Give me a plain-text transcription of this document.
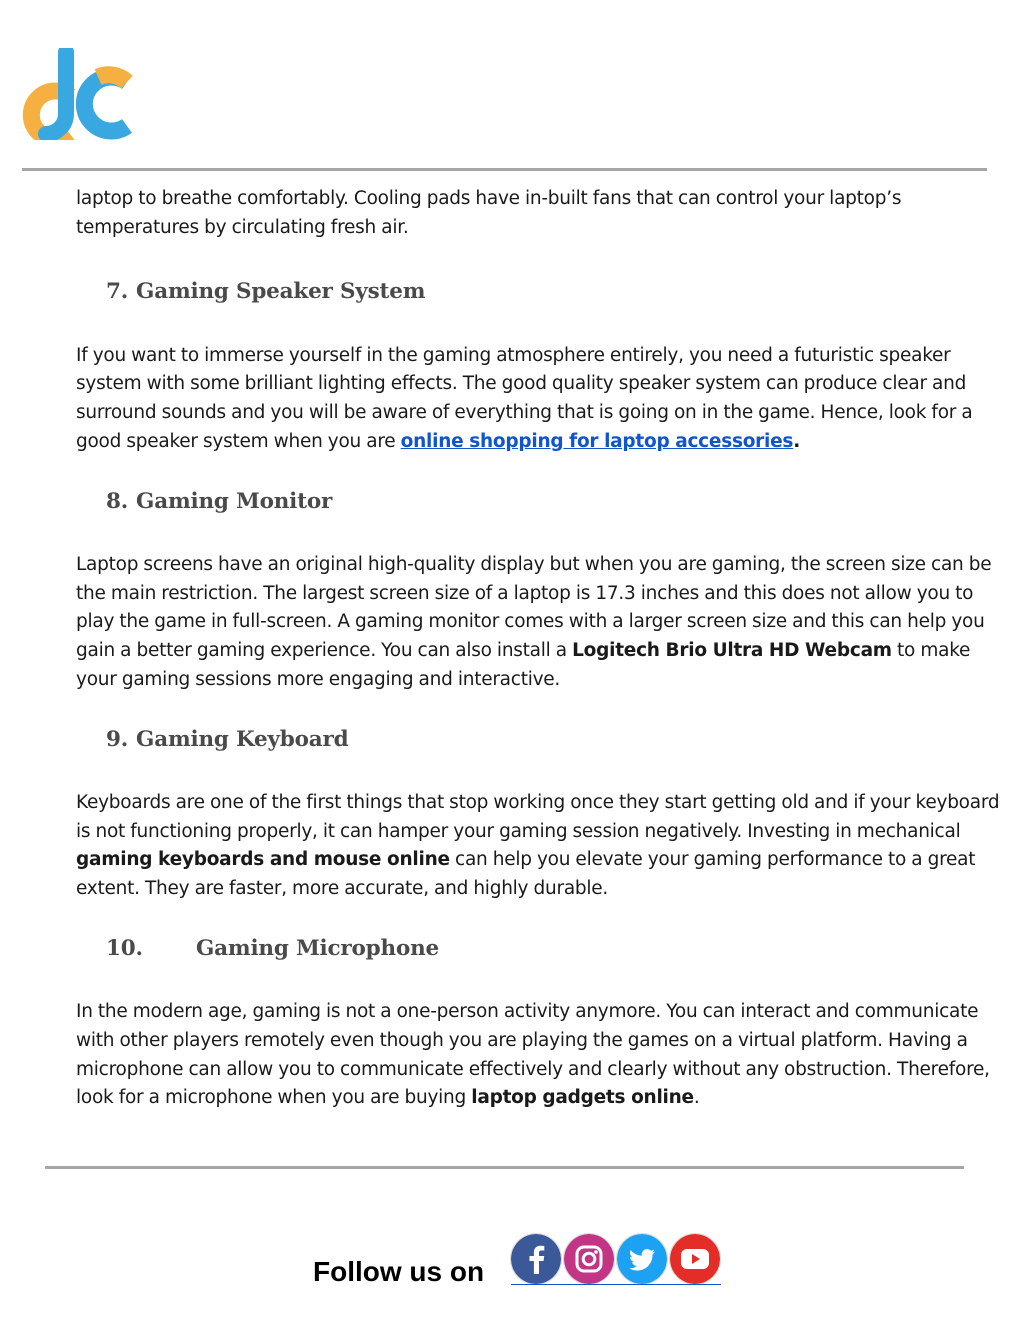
laptop to breathe comfortably. Cooling pads have in-built fans that can control your laptop’s temperatures by circulating fresh air.

7. Gaming Speaker System

If you want to immerse yourself in the gaming atmosphere entirely, you need a futuristic speaker system with some brilliant lighting effects. The good quality speaker system can produce clear and surround sounds and you will be aware of everything that is going on in the game. Hence, look for a good speaker system when you are online shopping for laptop accessories.

8. Gaming Monitor

Laptop screens have an original high-quality display but when you are gaming, the screen size can be the main restriction. The largest screen size of a laptop is 17.3 inches and this does not allow you to play the game in full-screen. A gaming monitor comes with a larger screen size and this can help you gain a better gaming experience. You can also install a Logitech Brio Ultra HD Webcam to make your gaming sessions more engaging and interactive.

9. Gaming Keyboard

Keyboards are one of the first things that stop working once they start getting old and if your keyboard is not functioning properly, it can hamper your gaming session negatively. Investing in mechanical gaming keyboards and mouse online can help you elevate your gaming performance to a great extent. They are faster, more accurate, and highly durable.

10. Gaming Microphone

In the modern age, gaming is not a one-person activity anymore. You can interact and communicate with other players remotely even though you are playing the games on a virtual platform. Having a microphone can allow you to communicate effectively and clearly without any obstruction. Therefore, look for a microphone when you are buying laptop gadgets online.

Follow us on
